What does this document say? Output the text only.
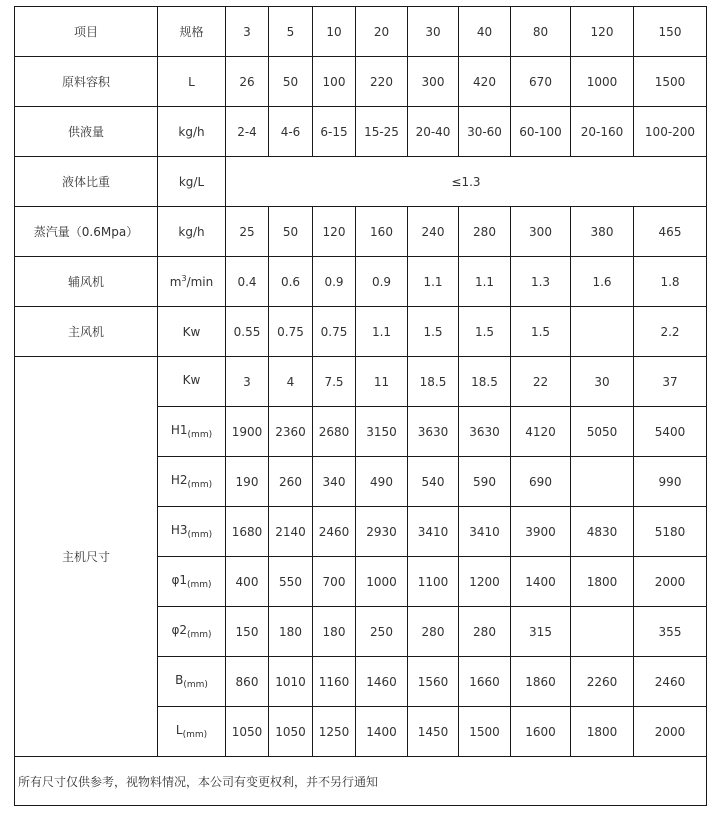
项目	规格	3	5	10	20	30	40	80	120	150
原料容积	L	26	50	100	220	300	420	670	1000	1500
供液量	kg/h	2-4	4-6	6-15	15-25	20-40	30-60	60-100	20-160	100-200
液体比重	kg/L	≤1.3								
蒸汽量（0.6Mpa）	kg/h	25	50	120	160	240	280	300	380	465
辅风机	$m^3/\min$	0.4	0.6	0.9	0.9	1.1	1.1	1.3	1.6	1.8
主风机	Kw	0.55	0.75	0.75	1.1	1.5	1.5	1.5		2.2
主机尺寸	Kw	3	4	7.5	11	18.5	18.5	22	30	37
	$H1_{(mm)}$	1900	2360	2680	3150	3630	3630	4120	5050	5400
	$H2_{(mm)}$	190	260	340	490	540	590	690		990
	$H3_{(mm)}$	1680	2140	2460	2930	3410	3410	3900	4830	5180
	$\varphi 1_{(mm)}$	400	550	700	1000	1100	1200	1400	1800	2000
	$\varphi 2_{(mm)}$	150	180	180	250	280	280	315		355
	$B_{(mm)}$	860	1010	1160	1460	1560	1660	1860	2260	2460
	$L_{(mm)}$	1050	1050	1250	1400	1450	1500	1600	1800	2000
所有尺寸仅供参考，视物料情况，本公司有变更权利，并不另行通知										
